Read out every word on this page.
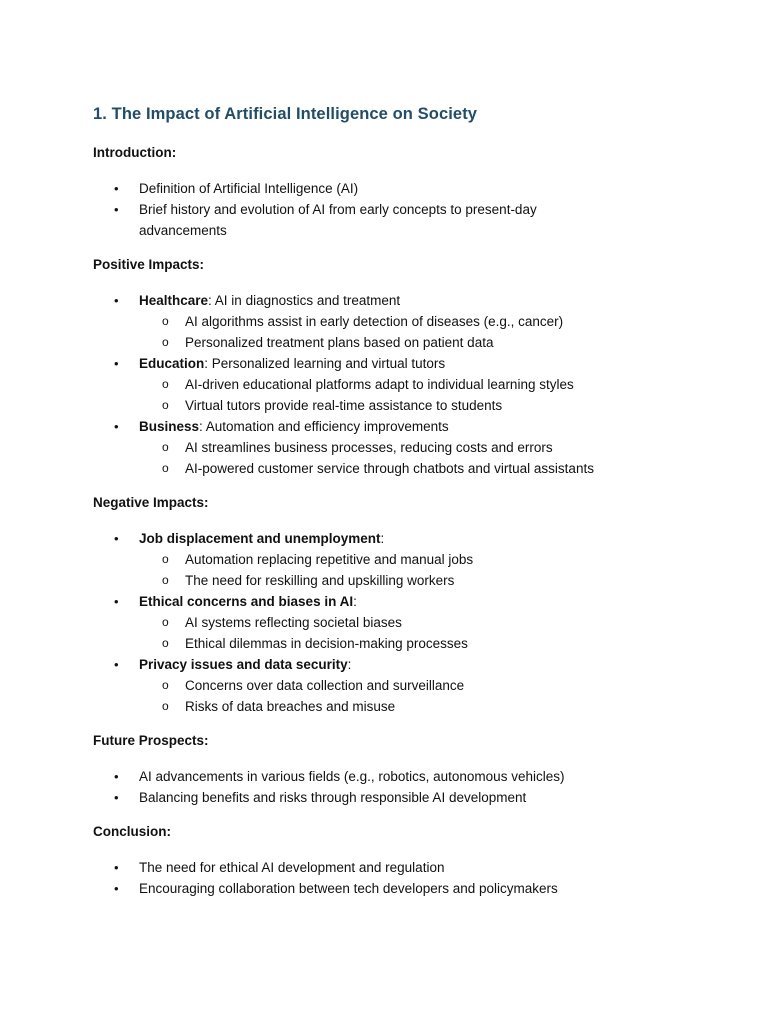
1. The Impact of Artificial Intelligence on Society
Introduction:
• Definition of Artificial Intelligence (AI)
• Brief history and evolution of AI from early concepts to present-day advancements
Positive Impacts:
• Healthcare: AI in diagnostics and treatment
o AI algorithms assist in early detection of diseases (e.g., cancer)
o Personalized treatment plans based on patient data
• Education: Personalized learning and virtual tutors
o AI-driven educational platforms adapt to individual learning styles
o Virtual tutors provide real-time assistance to students
• Business: Automation and efficiency improvements
o AI streamlines business processes, reducing costs and errors
o AI-powered customer service through chatbots and virtual assistants
Negative Impacts:
• Job displacement and unemployment:
o Automation replacing repetitive and manual jobs
o The need for reskilling and upskilling workers
• Ethical concerns and biases in AI:
o AI systems reflecting societal biases
o Ethical dilemmas in decision-making processes
• Privacy issues and data security:
o Concerns over data collection and surveillance
o Risks of data breaches and misuse
Future Prospects:
• AI advancements in various fields (e.g., robotics, autonomous vehicles)
• Balancing benefits and risks through responsible AI development
Conclusion:
• The need for ethical AI development and regulation
• Encouraging collaboration between tech developers and policymakers
